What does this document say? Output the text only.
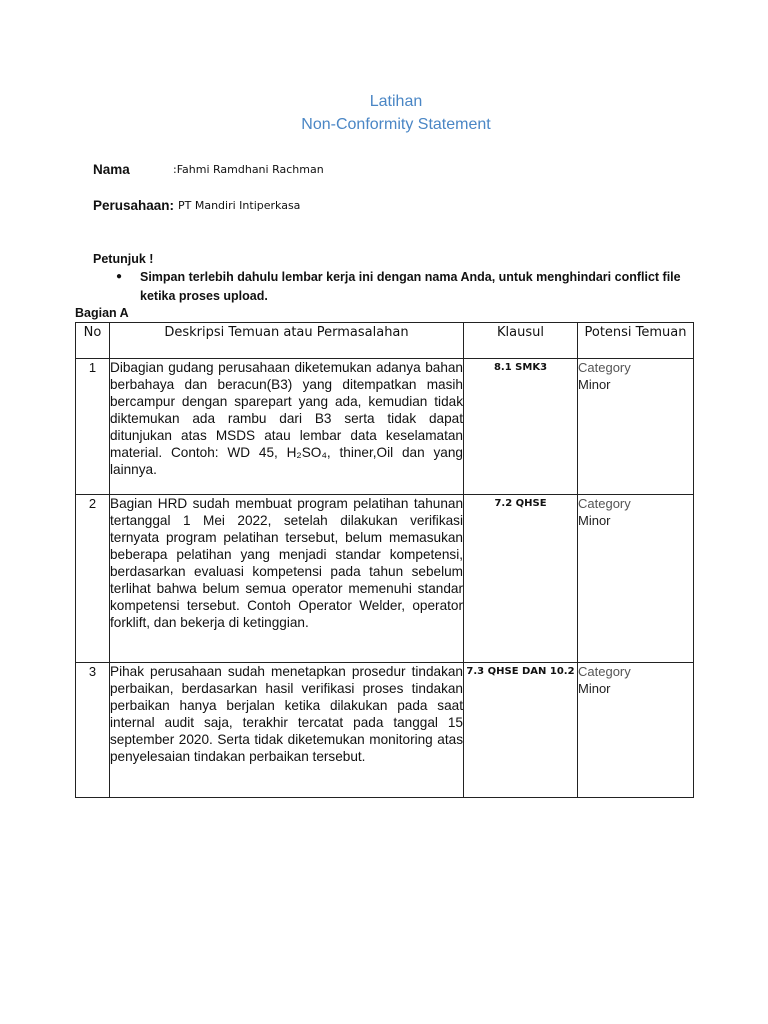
Latihan
Non-Conformity Statement
Nama	:Fahmi Ramdhani Rachman
Perusahaan: PT Mandiri Intiperkasa
Petunjuk !
● Simpan terlebih dahulu lembar kerja ini dengan nama Anda, untuk menghindari conflict file ketika proses upload.
Bagian A
No	Deskripsi Temuan atau Permasalahan	Klausul	Potensi Temuan
1	Dibagian gudang perusahaan diketemukan adanya bahan berbahaya dan beracun(B3) yang ditempatkan masih bercampur dengan sparepart yang ada, kemudian tidak diktemukan ada rambu dari B3 serta tidak dapat ditunjukan atas MSDS atau lembar data keselamatan material. Contoh: WD 45, H₂SO₄, thiner,Oil dan yang lainnya.	8.1 SMK3	Category
Minor

2	Bagian HRD sudah membuat program pelatihan tahunan tertanggal 1 Mei 2022, setelah dilakukan verifikasi ternyata program pelatihan tersebut, belum memasukan beberapa pelatihan yang menjadi standar kompetensi, berdasarkan evaluasi kompetensi pada tahun sebelum terlihat bahwa belum semua operator memenuhi standar kompetensi tersebut. Contoh Operator Welder, operator forklift, dan bekerja di ketinggian.	7.2 QHSE	Category
Minor

3	Pihak perusahaan sudah menetapkan prosedur tindakan perbaikan, berdasarkan hasil verifikasi proses tindakan perbaikan hanya berjalan ketika dilakukan pada saat internal audit saja, terakhir tercatat pada tanggal 15 september 2020. Serta tidak diketemukan monitoring atas penyelesaian tindakan perbaikan tersebut.	7.3 QHSE DAN 10.2	Category
Minor
